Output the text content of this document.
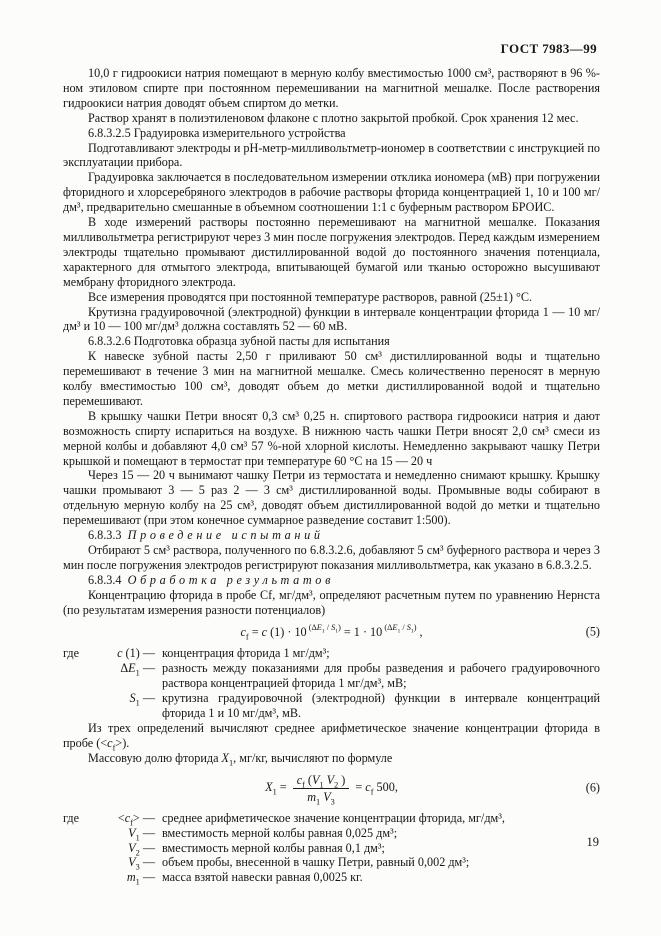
ГОСТ 7983—99
10,0 г гидроокиси натрия помещают в мерную колбу вместимостью 1000 см³, растворяют в 96 %-ном этиловом спирте при постоянном перемешивании на магнитной мешалке. После растворения гидроокиси натрия доводят объем спиртом до метки.
Раствор хранят в полиэтиленовом флаконе с плотно закрытой пробкой. Срок хранения 12 мес.
6.8.3.2.5 Градуировка измерительного устройства
Подготавливают электроды и pH-метр-милливольтметр-иономер в соответствии с инструкцией по эксплуатации прибора.
Градуировка заключается в последовательном измерении отклика иономера (мВ) при погружении фторидного и хлорсеребряного электродов в рабочие растворы фторида концентрацией 1, 10 и 100 мг/дм³, предварительно смешанные в объемном соотношении 1:1 с буферным раствором БРОИС.
В ходе измерений растворы постоянно перемешивают на магнитной мешалке. Показания милливольтметра регистрируют через 3 мин после погружения электродов. Перед каждым измерением электроды тщательно промывают дистиллированной водой до постоянного значения потенциала, характерного для отмытого электрода, впитывающей бумагой или тканью осторожно высушивают мембрану фторидного электрода.
Все измерения проводятся при постоянной температуре растворов, равной (25±1) °С.
Крутизна градуировочной (электродной) функции в интервале концентрации фторида 1 — 10 мг/дм³ и 10 — 100 мг/дм³ должна составлять 52 — 60 мВ.
6.8.3.2.6 Подготовка образца зубной пасты для испытания
К навеске зубной пасты 2,50 г приливают 50 см³ дистиллированной воды и тщательно перемешивают в течение 3 мин на магнитной мешалке. Смесь количественно переносят в мерную колбу вместимостью 100 см³, доводят объем до метки дистиллированной водой и тщательно перемешивают.
В крышку чашки Петри вносят 0,3 см³ 0,25 н. спиртового раствора гидроокиси натрия и дают возможность спирту испариться на воздухе. В нижнюю часть чашки Петри вносят 2,0 см³ смеси из мерной колбы и добавляют 4,0 см³ 57 %-ной хлорной кислоты. Немедленно закрывают чашку Петри крышкой и помещают в термостат при температуре 60 °С на 15 — 20 ч
Через 15 — 20 ч вынимают чашку Петри из термостата и немедленно снимают крышку. Крышку чашки промывают 3 — 5 раз 2 — 3 см³ дистиллированной воды. Промывные воды собирают в отдельную мерную колбу на 25 см³, доводят объем дистиллированной водой до метки и тщательно перемешивают (при этом конечное суммарное разведение составит 1:500).
6.8.3.3 Проведение испытаний
Отбирают 5 см³ раствора, полученного по 6.8.3.2.6, добавляют 5 см³ буферного раствора и через 3 мин после погружения электродов регистрируют показания милливольтметра, как указано в 6.8.3.2.5.
6.8.3.4 Обработка результатов
Концентрацию фторида в пробе Cf, мг/дм³, определяют расчетным путем по уравнению Нернста (по результатам измерения разности потенциалов)
$c_f = c$ (1) · 10 $^{(\Delta E_1 / S_1)}$ = 1 · 10 $^{(\Delta E_1 / S_1)}$ ,	(5)
где	c (1) — концентрация фторида 1 мг/дм³;
$\Delta E_1$ — разность между показаниями для пробы разведения и рабочего градуировочного раствора концентрацией фторида 1 мг/дм³, мВ;
$S_1$ — крутизна градуировочной (электродной) функции в интервале концентраций фторида 1 и 10 мг/дм³, мВ.
Из трех определений вычисляют среднее арифметическое значение концентрации фторида в пробе $(<c_f>)$.
Массовую долю фторида $X_1$, мг/кг, вычисляют по формуле
$X_1 = \frac{c_f (V_1 V_2 )}{m_1 V_3} = c_f$ 500,	(6)
где	$<c_f>$ — среднее арифметическое значение концентрации фторида, мг/дм³,
$V_1$ — вместимость мерной колбы равная 0,025 дм³;
$V_2$ — вместимость мерной колбы равная 0,1 дм³;
$V_3$ — объем пробы, внесенной в чашку Петри, равный 0,002 дм³;
$m_1$ — масса взятой навески равная 0,0025 кг.
19
